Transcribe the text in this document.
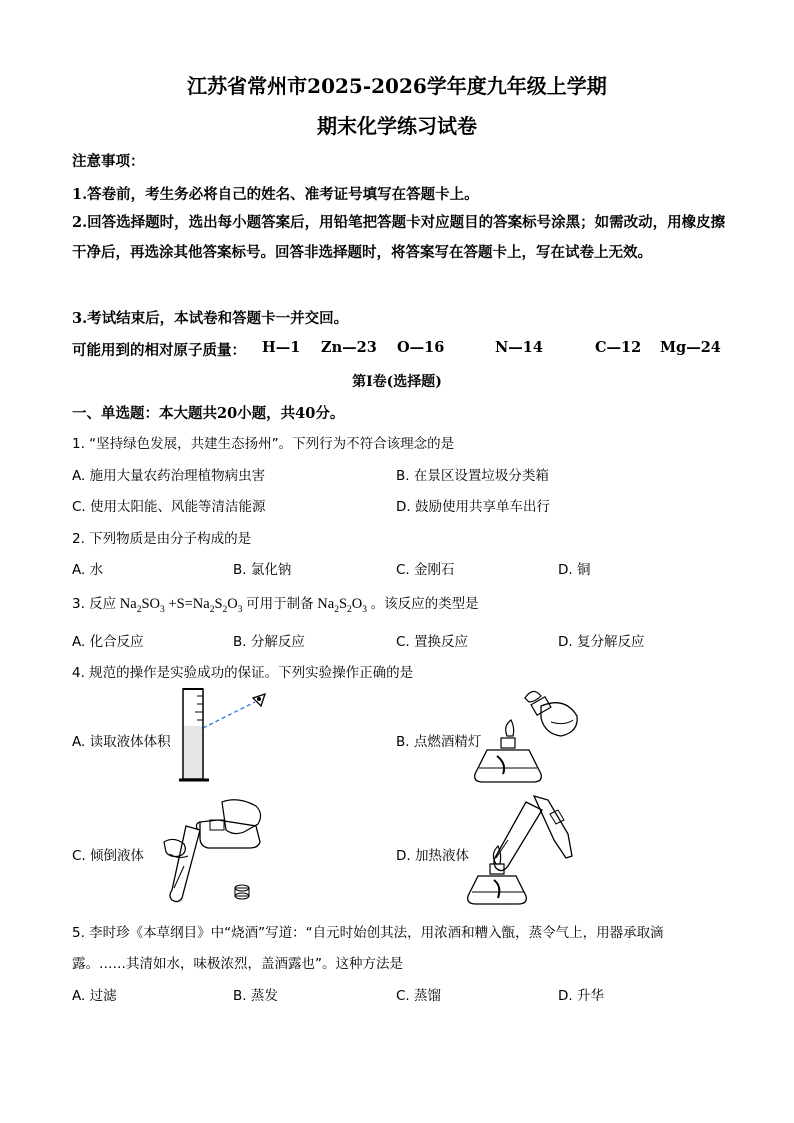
江苏省常州市2025-2026学年度九年级上学期
期末化学练习试卷
注意事项：
1.答卷前，考生务必将自己的姓名、准考证号填写在答题卡上。
2.回答选择题时，选出每小题答案后，用铅笔把答题卡对应题目的答案标号涂黑；如需改动，用橡皮擦干净后，再选涂其他答案标号。回答非选择题时，将答案写在答题卡上，写在试卷上无效。
3.考试结束后，本试卷和答题卡一并交回。
可能用到的相对原子质量： H—1 Zn—23 O—16	N—14	C—12 Mg—24
第Ⅰ卷(选择题)
一、单选题：本大题共20小题，共40分。
1. “坚持绿色发展，共建生态扬州”。下列行为不符合该理念的是
A. 施用大量农药治理植物病虫害	B. 在景区设置垃圾分类箱
C. 使用太阳能、风能等清洁能源	D. 鼓励使用共享单车出行
2. 下列物质是由分子构成的是
A. 水	B. 氯化钠	C. 金刚石	D. 铜
3. 反应 $Na_2SO_3 +S=Na_2S_2O_3$ 可用于制备 $Na_2S_2O_3$ 。该反应的类型是
A. 化合反应	B. 分解反应	C. 置换反应	D. 复分解反应
4. 规范的操作是实验成功的保证。下列实验操作正确的是
A. 读取液体体积	B. 点燃酒精灯
C. 倾倒液体	D. 加热液体
5. 李时珍《本草纲目》中“烧酒”写道：“自元时始创其法，用浓酒和糟入甑，蒸令气上，用器承取滴
露。……其清如水，味极浓烈，盖酒露也”。这种方法是
A. 过滤	B. 蒸发	C. 蒸馏	D. 升华
